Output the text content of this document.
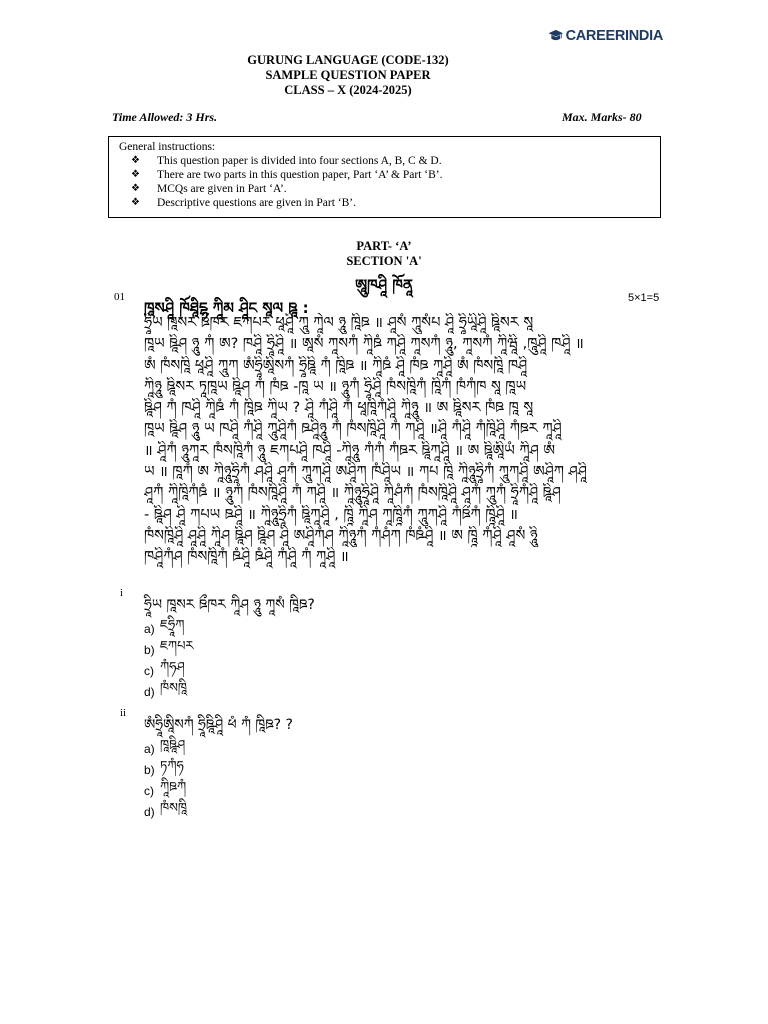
CAREERINDIA
GURUNG LANGUAGE (CODE-132)
SAMPLE QUESTION PAPER
CLASS – X (2024-2025)
Time Allowed: 3 Hrs.	Max. Marks- 80
General instructions:
❖	This question paper is divided into four sections A, B, C & D.
❖	There are two parts in this question paper, Part ‘A’ & Part ‘B’.
❖	MCQs are given in Part ‘A’.
❖	Descriptive questions are given in Part ‘B’.
PART- ‘A’
SECTION 'A'
ཨཱུཁཤཱི ཁོནཱ
01
ཁཱསཤཱི ཁོཐཱིངྷ ཀཱིམ ཤཱིང སཱལ ཋཱ :
5×1=5
ཧྲཱིཡ ཁཱསར ཋྀཁར ཇཀཔར ཕཱཤཱི ཀཱུ ཀཱེལ ཉཱུ ཁཱིཋ ॥ ཤཱསཾ ཀཱུསཾཔ ཤཱི ཧྲཱིཡཱིཤཱི ཋཱིསར སཱ
ཁཱཡ ཋཱིཤ ཉཱུ ཀཾ ཨ? ཁཤཱི ཧྲཱིཤཱི ॥ ཨཱསཾ ཀཱསཀཾ ཀཱིཋཾ ཀཤཱི ཀཱསཀཾ ཉཱུ, ཀཱསཀཾ ཀཱིཝཱི ,ཁཱུཤཱི ཁཤཱི ॥
ཨཾ ཁཾསཁཱི ཕཱཤཱི ཀཱུཀ ཨཾཧྲཱིཨཱིསཀཾ ཧྲཱིཋཱི ཀཾ ཁཱིཋ ॥ ཀཱིཋཾ ཤཱི ཁཾཋ ཀཱཤཱི ཨཾ ཁཾསཁཱི ཁཤཱི
ཀཱིཉཱུ ཋཱིསར ཏཱཁཱཡ ཋཱིཤ ཀཾ ཁཾཋ -ཁཱ ཡ ॥ ཉཱུཀཾ ཧྲཱིཤཱི ཁཾསཁཱིཀཾ ཁཱིཀཾ ཁཾཀཾཁ སཱ ཁཱཡ
ཋཱིཤ ཀཾ ཁཤཱི ཀཱིཋཾ ཀཾ ཁཱིཋ ཀཱིཡ ? ཤཱཱི ཀཾཤཱི ཀཾ ཕཱཁཱིཀཾཤཱི ཀཱིཉཱུ ॥ ཨ ཋཱིསར ཁཾཋ ཁཱ སཱ
ཁཱཡ ཋཱིཤ ཉཱུ ཡ ཁཤཱི ཀཾཤཱི ཀཱུཤཱིཀཾ ཋཤཱིཉཱུ ཀཾ ཁཾསཁཱིཤཱི ཀཾ ཀཤཱི ॥ཤཱི ཀཾཤཱི ཀཾཁཱིཤཱི ཀཾཋར ཀཱཤཱི
॥ ཤཱིཀཾ ཉཱུཀཱར ཁཾསཁཱིཀཾ ཉཱུ ཇཀཔཤཱི ཁཤཱི -ཀཱིཉཱུ ཀཾཀཾ ཀཾཋར ཋཱིཀཱཤཱི ॥ ཨ ཋཱིཨཱིཡཾ ཀཱིཤ ཨཾ
ཡ ॥ ཁཱཀཾ ཨ ཀཱིཉཱུཧྲཱིཀཾ ཤཤཱི ཤཱཀཾ ཀཱུཀཤཱི ཨཤཱིཀ ཁཾཤཱིཡ ॥ ཀཔ ཁཱི ཀཱིཉཱུཧྲཱིཀཾ ཀཱུཀཤཱི ཨཤཱིཀ ཤཤཱི
ཤཱཀཾ ཀཱིཁཱིཀཾཋཾ ॥ ཉཱུཀཾ ཁཾསཁཱིཤཱི ཀཾ ཀཤཱི ॥ ཀཱིཉཱུཧྲཱིཤཱི ཀཱིཤཾཀཾ ཁཾསཁཱིཤཱི ཤཱཀཾ ཀཱུཀཾ ཧྲཱིཀཾཤཱི ཋཱིཤ
- ཋཱིཤ ཤཱི ཀཔཡ ཋཤཱི ॥ ཀཱིཉཱུཧྲཱིཀཾ ཋཱིཀཱཤཱི , ཁཱཱི ཀཱིཤ ཀཱཁཱཱིཀཾ ཀཱུཀཤཱི ཀཾཋྀཀཾ ཁཱཱིཤཱི ॥
ཁཾསཁཱིཤཱི ཤཱཤཱི ཀཱིཤ ཋཱིཤ ཋཱིཤ ཤཱི ཨཤཱིཀཾཤ ཀཱིཉཱུཀཾ ཀཾཤཾཀ ཁཾཋཾཤཱི ॥ ཨ ཁཱཱི ཀཾཤཱི ཤཱསཾ ཉཱཱིུ
ཁཤཱིཀཾཤ ཁཾསཁཱིཀཾ ཋཾཤཱི ཋཾཤཱི ཀཾཤཱི ཀཾ ཀཱཤཱི ॥
i
ཧྲཱིཡ ཁཱསར ཋྀཁར ཀཱིཤ ཉཱུ ཀཱསཾ ཁཱིཋ?
a) ཇཧྲཱིཀ
b) ཇཀཔར
c) ཀཾཧཤ
d) ཁཾསཁཱི
ii
ཨཾཧྲཱིཨཱིསཀཾ ཧྲཱིཋཱིཤཱི ཕཾ ཀཾ ཁཱིཋ? ?
a) ཁཱཋཱིཤ
b) ཏཀཾཧ
c) ཀཱིཋཀཾ
d) ཁཾསཁཱི
